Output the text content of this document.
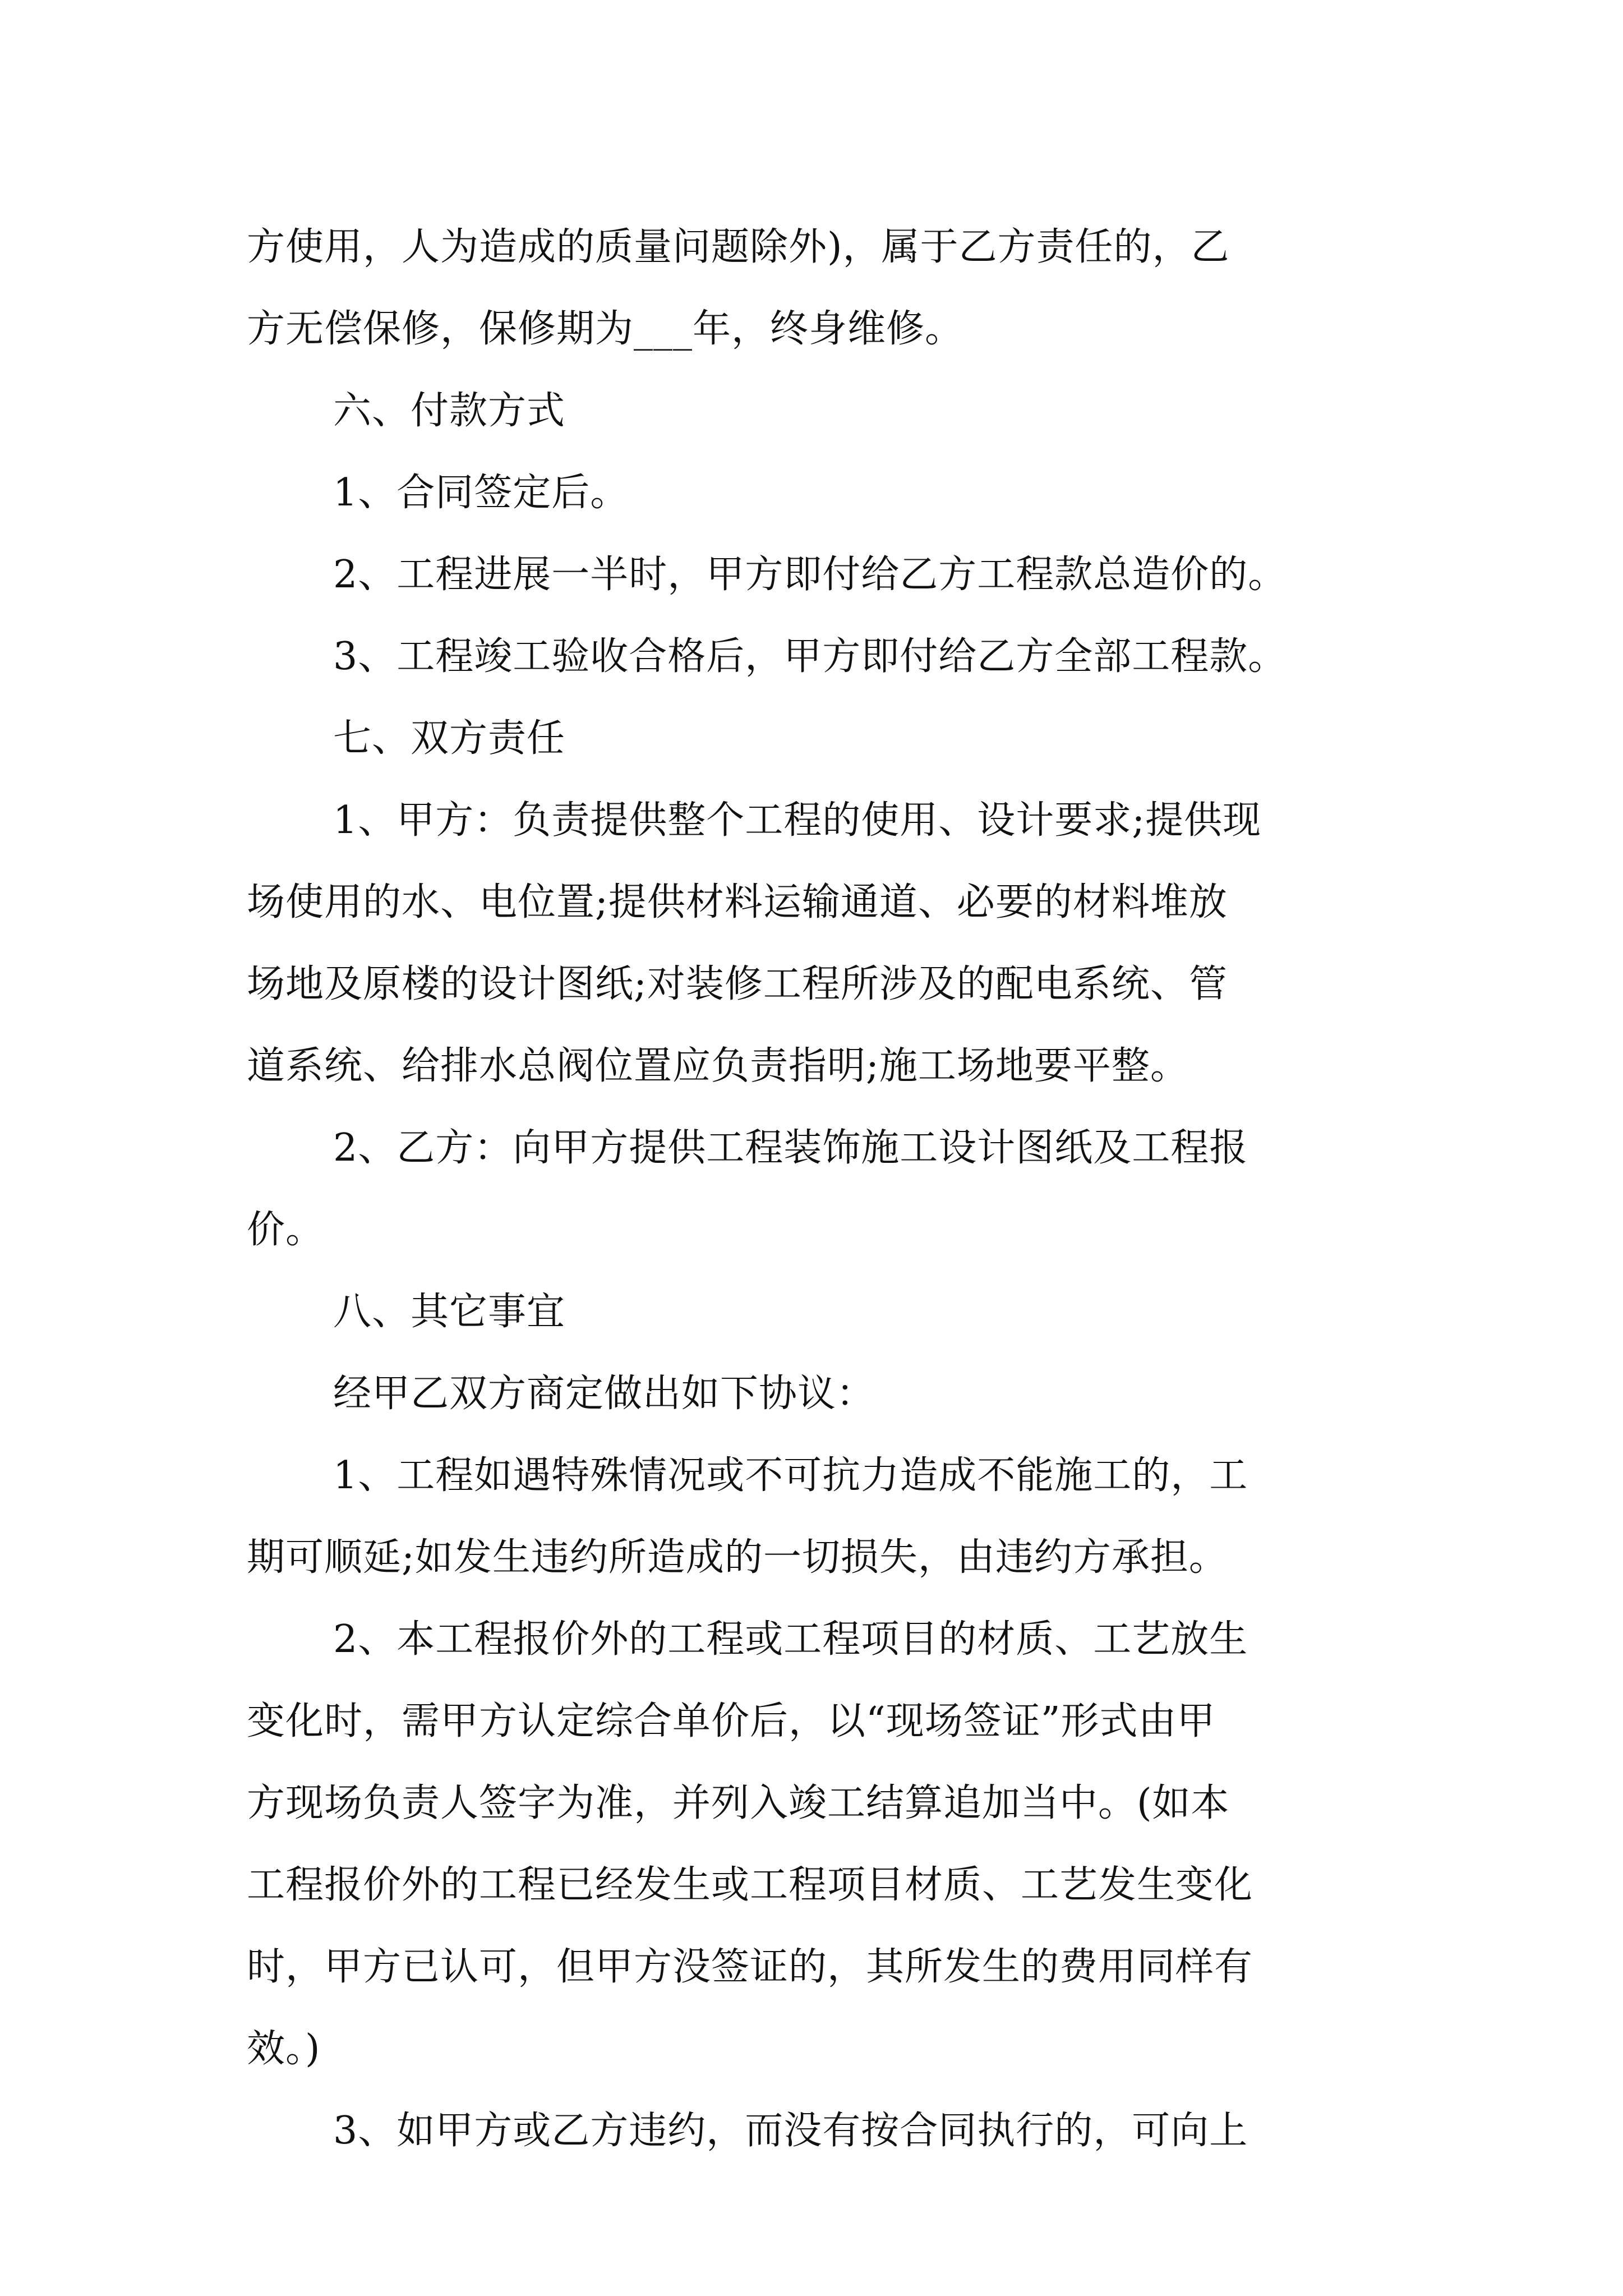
方使用，人为造成的质量问题除外)，属于乙方责任的，乙
方无偿保修，保修期为___年，终身维修。
六、付款方式
1、合同签定后。
2、工程进展一半时，甲方即付给乙方工程款总造价的。
3、工程竣工验收合格后，甲方即付给乙方全部工程款。
七、双方责任
1、甲方：负责提供整个工程的使用、设计要求;提供现
场使用的水、电位置;提供材料运输通道、必要的材料堆放
场地及原楼的设计图纸;对装修工程所涉及的配电系统、管
道系统、给排水总阀位置应负责指明;施工场地要平整。
2、乙方：向甲方提供工程装饰施工设计图纸及工程报
价。
八、其它事宜
经甲乙双方商定做出如下协议：
1、工程如遇特殊情况或不可抗力造成不能施工的，工
期可顺延;如发生违约所造成的一切损失，由违约方承担。
2、本工程报价外的工程或工程项目的材质、工艺放生
变化时，需甲方认定综合单价后，以“现场签证”形式由甲
方现场负责人签字为准，并列入竣工结算追加当中。(如本
工程报价外的工程已经发生或工程项目材质、工艺发生变化
时，甲方已认可，但甲方没签证的，其所发生的费用同样有
效。)
3、如甲方或乙方违约，而没有按合同执行的，可向上
